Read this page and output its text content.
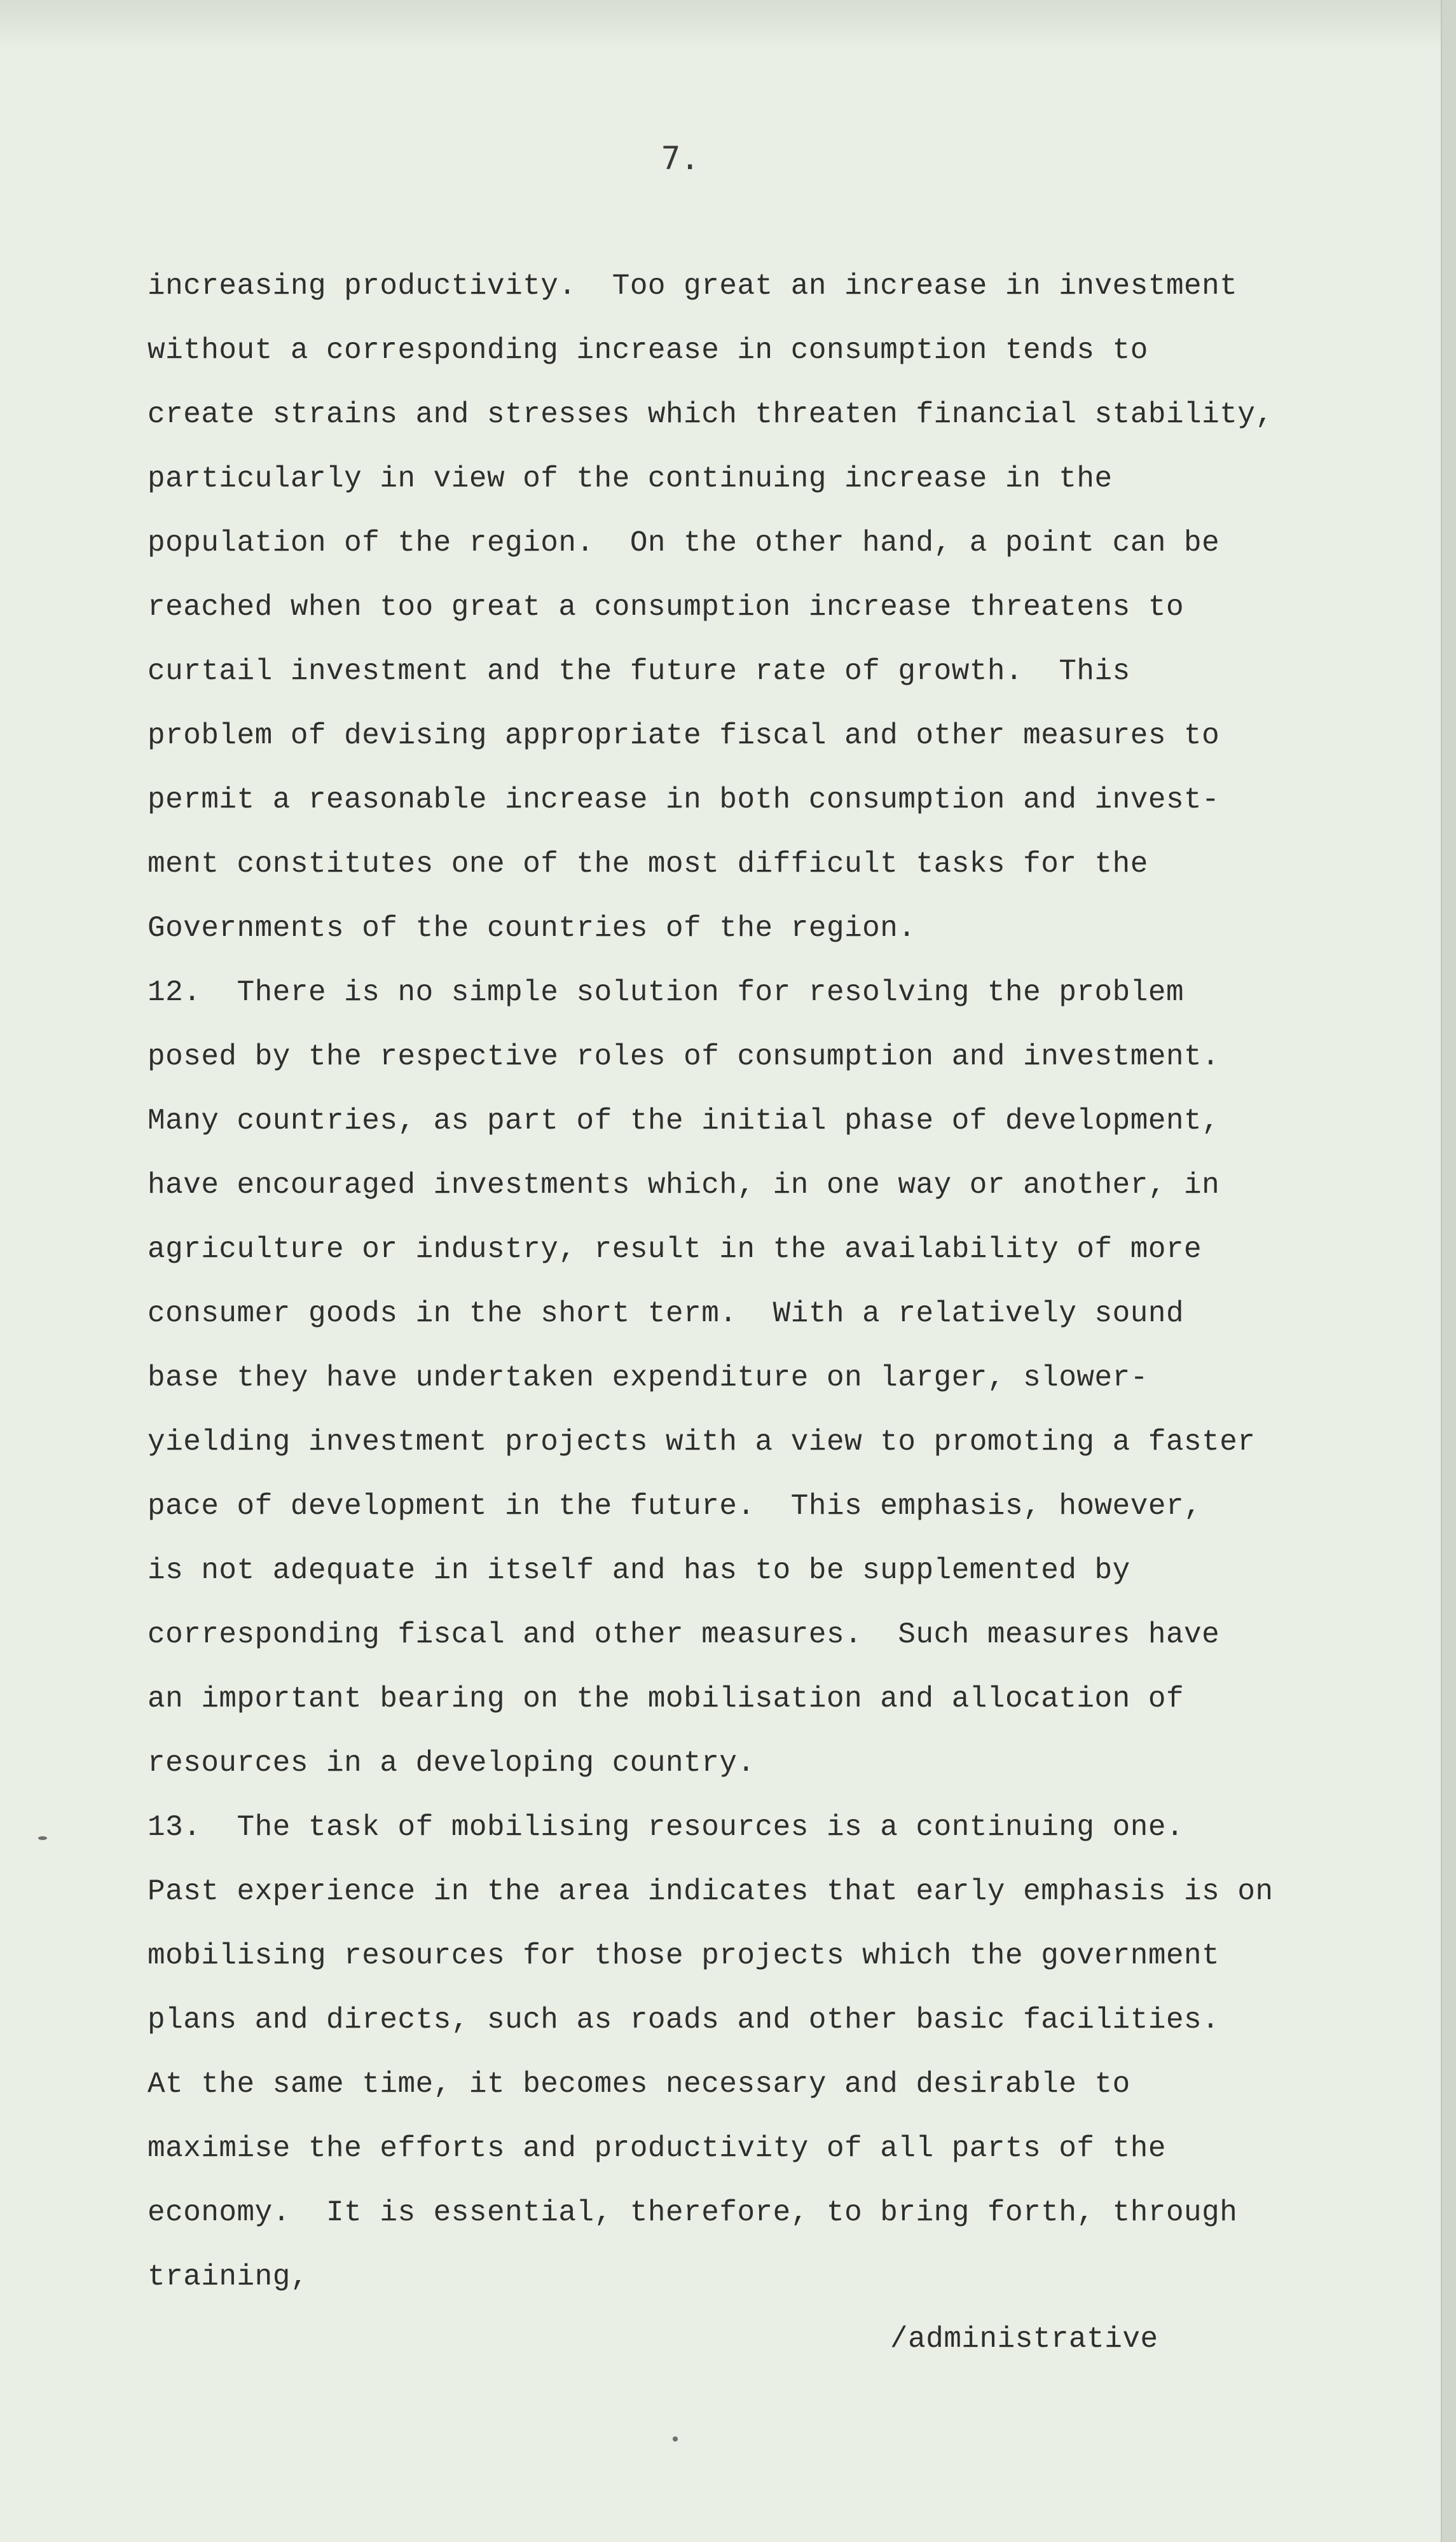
7.
increasing productivity.  Too great an increase in investment
without a corresponding increase in consumption tends to
create strains and stresses which threaten financial stability,
particularly in view of the continuing increase in the
population of the region.  On the other hand, a point can be
reached when too great a consumption increase threatens to
curtail investment and the future rate of growth.  This
problem of devising appropriate fiscal and other measures to
permit a reasonable increase in both consumption and invest-
ment constitutes one of the most difficult tasks for the
Governments of the countries of the region.
12.  There is no simple solution for resolving the problem
posed by the respective roles of consumption and investment.
Many countries, as part of the initial phase of development,
have encouraged investments which, in one way or another, in
agriculture or industry, result in the availability of more
consumer goods in the short term.  With a relatively sound
base they have undertaken expenditure on larger, slower-
yielding investment projects with a view to promoting a faster
pace of development in the future.  This emphasis, however,
is not adequate in itself and has to be supplemented by
corresponding fiscal and other measures.  Such measures have
an important bearing on the mobilisation and allocation of
resources in a developing country.
13.  The task of mobilising resources is a continuing one.
Past experience in the area indicates that early emphasis is on
mobilising resources for those projects which the government
plans and directs, such as roads and other basic facilities.
At the same time, it becomes necessary and desirable to
maximise the efforts and productivity of all parts of the
economy.  It is essential, therefore, to bring forth, through
training,
/administrative
